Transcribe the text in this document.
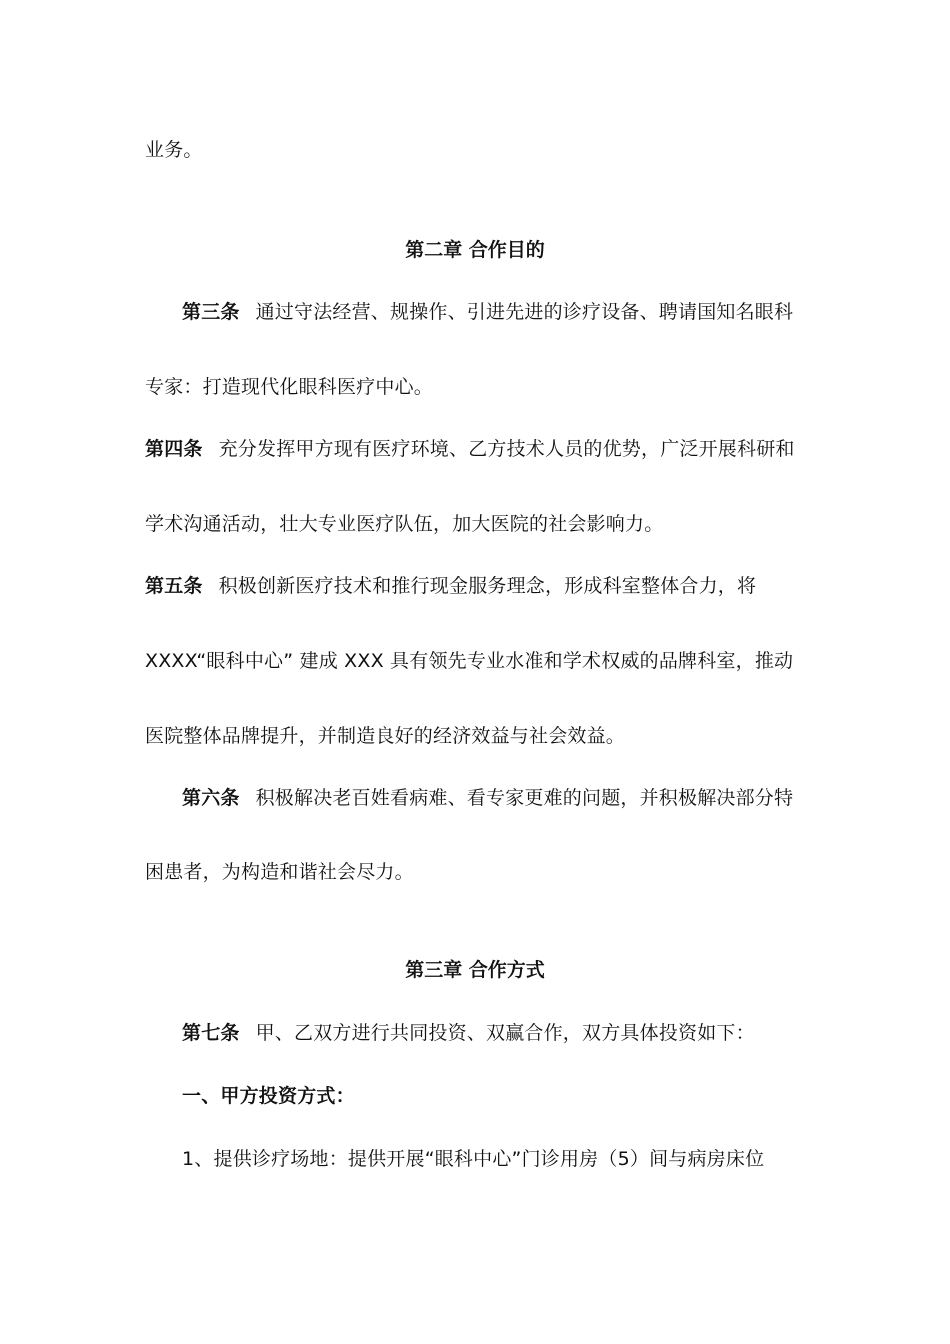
业务。
第二章 合作目的
第三条 通过守法经营、规操作、引进先进的诊疗设备、聘请国知名眼科
专家：打造现代化眼科医疗中心。
第四条 充分发挥甲方现有医疗环境、乙方技术人员的优势，广泛开展科研和
学术沟通活动，壮大专业医疗队伍，加大医院的社会影响力。
第五条 积极创新医疗技术和推行现金服务理念，形成科室整体合力，将
XXXX“眼科中心” 建成 XXX 具有领先专业水准和学术权威的品牌科室，推动
医院整体品牌提升，并制造良好的经济效益与社会效益。
第六条 积极解决老百姓看病难、看专家更难的问题，并积极解决部分特
困患者，为构造和谐社会尽力。
第三章 合作方式
第七条 甲、乙双方进行共同投资、双赢合作，双方具体投资如下：
一、甲方投资方式：
1、提供诊疗场地：提供开展“眼科中心”门诊用房（5）间与病房床位
